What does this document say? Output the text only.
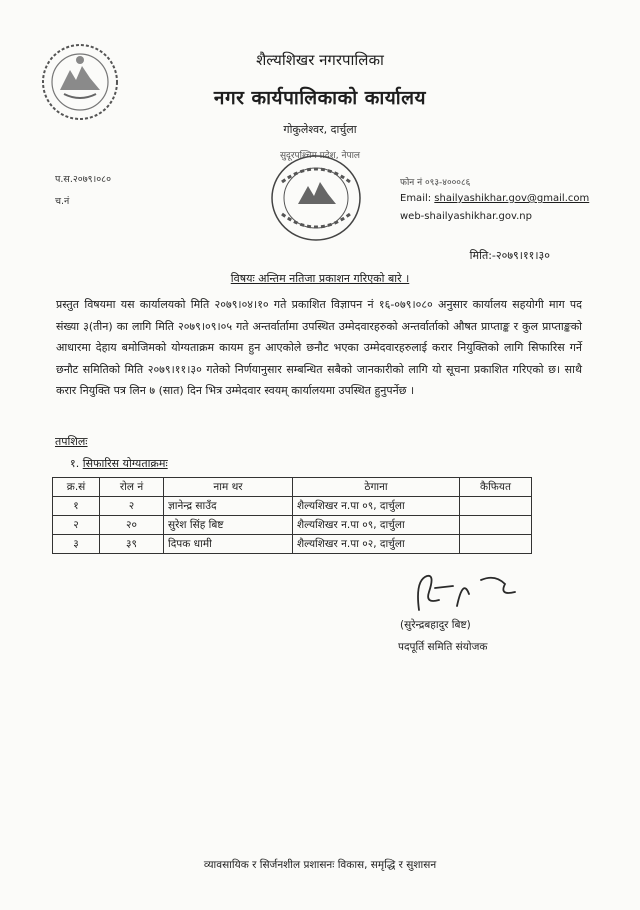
शैल्यशिखर नगरपालिका
नगर कार्यपालिकाको कार्यालय
गोकुलेश्वर, दार्चुला
सुदूरपश्चिम प्रदेश, नेपाल
प.स.२०७९।०८०
च.नं
फोन नं ०९३-४०००८६
Email: shailyashikhar.gov@gmail.com
web-shailyashikhar.gov.np
मिति:-२०७९।११।३०
विषयः अन्तिम नतिजा प्रकाशन गरिएको बारे ।
प्रस्तुत विषयमा यस कार्यालयको मिति २०७९।०४।१० गते प्रकाशित विज्ञापन नं १६-०७९।०८० अनुसार कार्यालय सहयोगी माग पद संख्या ३(तीन) का लागि मिति २०७९।०९।०५ गते अन्तर्वार्तामा उपस्थित उम्मेदवारहरुको अन्तर्वार्ताको औषत प्राप्ताङ्क र कुल प्राप्ताङ्कको आधारमा देहाय बमोजिमको योग्यताक्रम कायम हुन आएकोले छनौट भएका उम्मेदवारहरुलाई करार नियुक्तिको लागि सिफारिस गर्ने छनौट समितिको मिति २०७९।११।३० गतेको निर्णयानुसार सम्बन्धित सबैको जानकारीको लागि यो सूचना प्रकाशित गरिएको छ। साथै करार नियुक्ति पत्र लिन ७ (सात) दिन भित्र उम्मेदवार स्वयम् कार्यालयमा उपस्थित हुनुपर्नेछ ।
तपशिलः
१. सिफारिस योग्यताक्रमः
क्र.सं	रोल नं	नाम थर	ठेगाना	कैफियत
१	२	ज्ञानेन्द्र साउँद	शैल्यशिखर न.पा ०९, दार्चुला	
२	२०	सुरेश सिंह बिष्ट	शैल्यशिखर न.पा ०९, दार्चुला	
३	३९	दिपक धामी	शैल्यशिखर न.पा ०२, दार्चुला	
(सुरेन्द्रबहादुर बिष्ट)
पदपूर्ति समिति संयोजक
व्यावसायिक र सिर्जनशील प्रशासनः विकास, समृद्धि र सुशासन
